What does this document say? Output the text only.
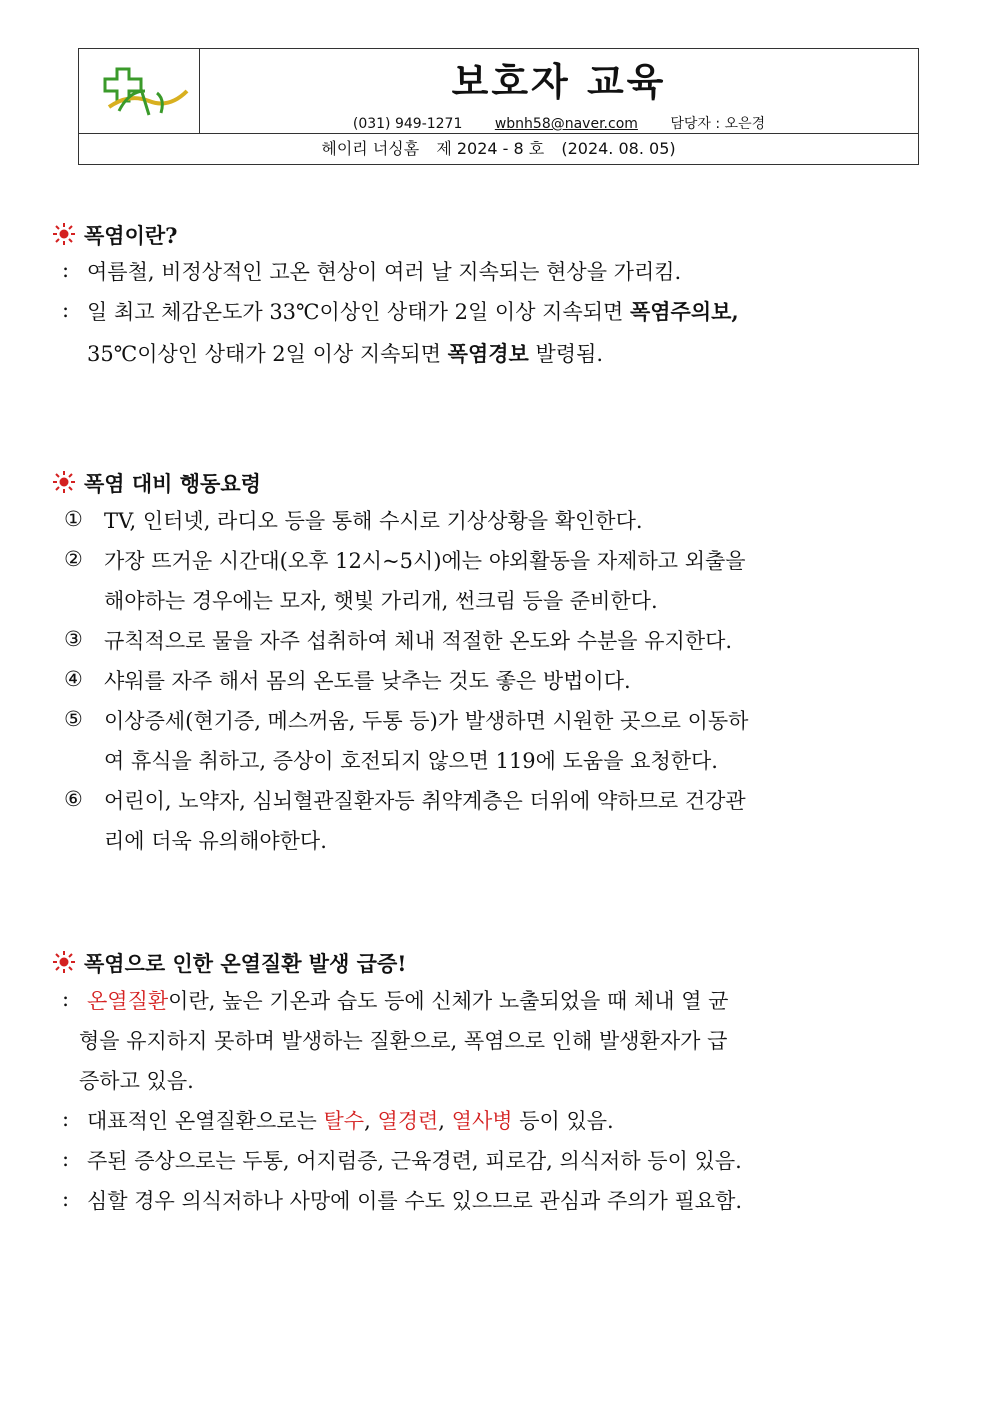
보호자 교육
(031) 949-1271 wbnh58@naver.com 담당자 : 오은경
헤이리 너싱홈 제 2024 - 8 호 (2024. 08. 05)
폭염이란?
: 여름철, 비정상적인 고온 현상이 여러 날 지속되는 현상을 가리킴.
: 일 최고 체감온도가 33℃이상인 상태가 2일 이상 지속되면 폭염주의보,
35℃이상인 상태가 2일 이상 지속되면 폭염경보 발령됨.
폭염 대비 행동요령
① TV, 인터넷, 라디오 등을 통해 수시로 기상상황을 확인한다.
② 가장 뜨거운 시간대(오후 12시~5시)에는 야외활동을 자제하고 외출을
해야하는 경우에는 모자, 햇빛 가리개, 썬크림 등을 준비한다.
③ 규칙적으로 물을 자주 섭취하여 체내 적절한 온도와 수분을 유지한다.
④ 샤워를 자주 해서 몸의 온도를 낮추는 것도 좋은 방법이다.
⑤ 이상증세(현기증, 메스꺼움, 두통 등)가 발생하면 시원한 곳으로 이동하
여 휴식을 취하고, 증상이 호전되지 않으면 119에 도움을 요청한다.
⑥ 어린이, 노약자, 심뇌혈관질환자등 취약계층은 더위에 약하므로 건강관
리에 더욱 유의해야한다.
폭염으로 인한 온열질환 발생 급증!
: 온열질환이란, 높은 기온과 습도 등에 신체가 노출되었을 때 체내 열 균
형을 유지하지 못하며 발생하는 질환으로, 폭염으로 인해 발생환자가 급
증하고 있음.
: 대표적인 온열질환으로는 탈수, 열경련, 열사병 등이 있음.
: 주된 증상으로는 두통, 어지럼증, 근육경련, 피로감, 의식저하 등이 있음.
: 심할 경우 의식저하나 사망에 이를 수도 있으므로 관심과 주의가 필요함.
